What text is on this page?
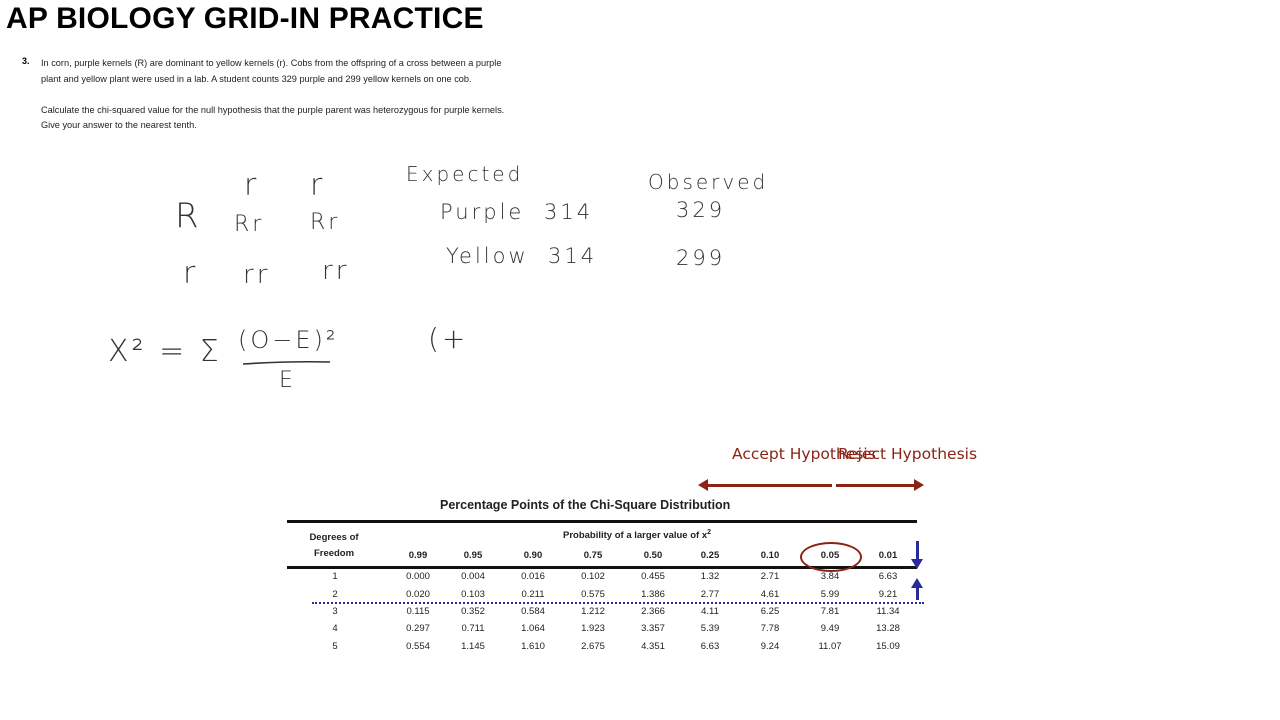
AP BIOLOGY GRID-IN PRACTICE
3. In corn, purple kernels (R) are dominant to yellow kernels (r). Cobs from the offspring of a cross between a purple plant and yellow plant were used in a lab. A student counts 329 purple and 299 yellow kernels on one cob.

Calculate the chi-squared value for the null hypothesis that the purple parent was heterozygous for purple kernels. Give your answer to the nearest tenth.

r r
R
r
Rr Rr
rr rr
Expected	Observed
Purple 314	329
Yellow 314	299
X² = Σ (O−E)²
E
(+
Accept Hypothesis
Reject Hypothesis
Percentage Points of the Chi-Square Distribution
Degrees of Freedom
Probability of a larger value of $x^2$
0.99	0.95	0.90	0.75	0.50	0.25	0.10	0.05	0.01
1	0.000	0.004	0.016	0.102	0.455	1.32	2.71	3.84	6.63
2	0.020	0.103	0.211	0.575	1.386	2.77	4.61	5.99	9.21
3	0.115	0.352	0.584	1.212	2.366	4.11	6.25	7.81	11.34
4	0.297	0.711	1.064	1.923	3.357	5.39	7.78	9.49	13.28
5	0.554	1.145	1.610	2.675	4.351	6.63	9.24	11.07	15.09
